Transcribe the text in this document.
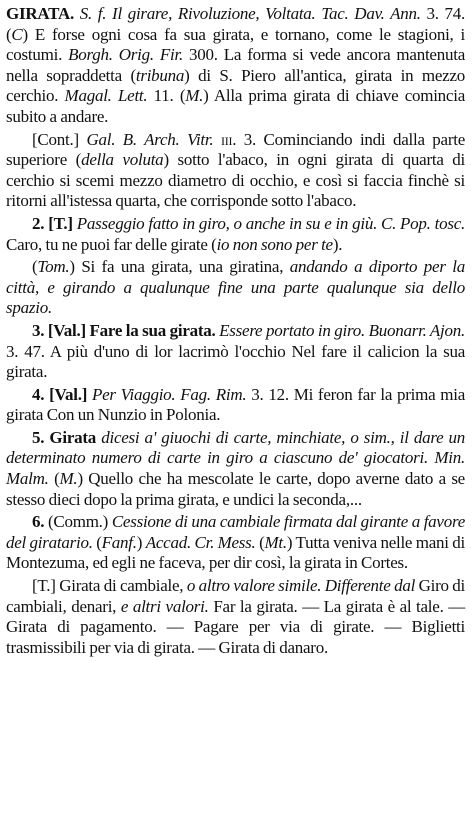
GIRATA. S. f. Il girare, Rivoluzione, Voltata. Tac. Dav. Ann. 3. 74. (C) E forse ogni cosa fa sua girata, e tornano, come le stagioni, i costumi. Borgh. Orig. Fir. 300. La forma si vede ancora mantenuta nella sopraddetta (tribuna) di S. Piero all'antica, girata in mezzo cerchio. Magal. Lett. 11. (M.) Alla prima girata di chiave comincia subito a andare.

[Cont.] Gal. B. Arch. Vitr. iii. 3. Cominciando indi dalla parte superiore (della voluta) sotto l'abaco, in ogni girata di quarta di cerchio si scemi mezzo diametro di occhio, e così si faccia finchè si ritorni all'istessa quarta, che corrisponde sotto l'abaco.

2. [T.] Passeggio fatto in giro, o anche in su e in giù. C. Pop. tosc. Caro, tu ne puoi far delle girate (io non sono per te).

(Tom.) Si fa una girata, una giratina, andando a diporto per la città, e girando a qualunque fine una parte qualunque sia dello spazio.

3. [Val.] Fare la sua girata. Essere portato in giro. Buonarr. Ajon. 3. 47. A più d'uno di lor lacrimò l'occhio Nel fare il calicion la sua girata.

4. [Val.] Per Viaggio. Fag. Rim. 3. 12. Mi feron far la prima mia girata Con un Nunzio in Polonia.

5. Girata dicesi a' giuochi di carte, minchiate, o sim., il dare un determinato numero di carte in giro a ciascuno de' giocatori. Min. Malm. (M.) Quello che ha mescolate le carte, dopo averne dato a se stesso dieci dopo la prima girata, e undici la seconda,...

6. (Comm.) Cessione di una cambiale firmata dal girante a favore del giratario. (Fanf.) Accad. Cr. Mess. (Mt.) Tutta veniva nelle mani di Montezuma, ed egli ne faceva, per dir così, la girata in Cortes.

[T.] Girata di cambiale, o altro valore simile. Differente dal Giro di cambiali, denari, e altri valori. Far la girata. — La girata è al tale. — Girata di pagamento. — Pagare per via di girate. — Biglietti trasmissibili per via di girata. — Girata di danaro.
